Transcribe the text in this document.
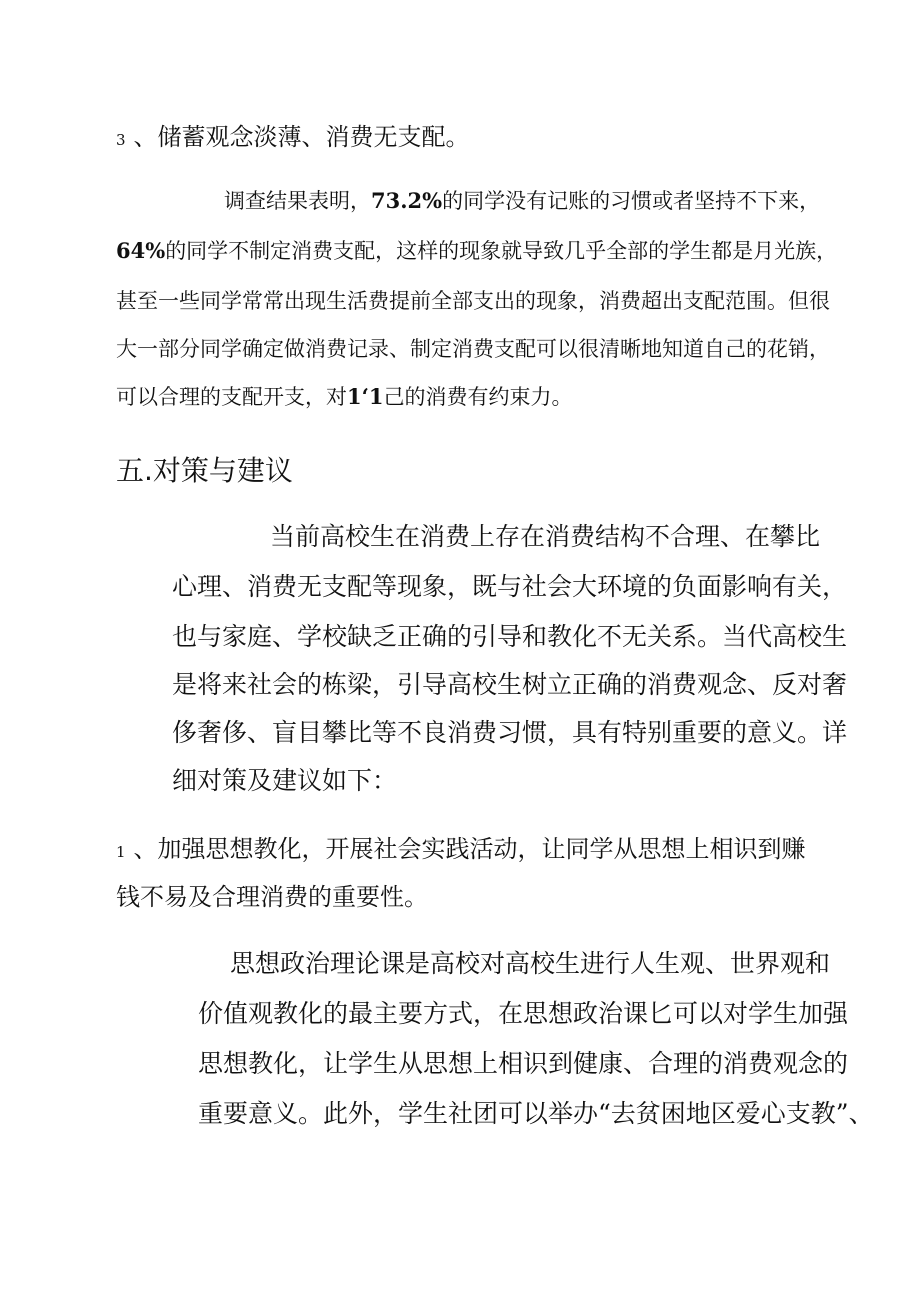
3 、储蓄观念淡薄、消费无支配。

调查结果表明，73.2%的同学没有记账的习惯或者坚持不下来，

64%的同学不制定消费支配，这样的现象就导致几乎全部的学生都是月光族，

甚至一些同学常常出现生活费提前全部支出的现象，消费超出支配范围。但很

大一部分同学确定做消费记录、制定消费支配可以很清晰地知道自己的花销，

可以合理的支配开支，对1‘1己的消费有约束力。

五.对策与建议

当前高校生在消费上存在消费结构不合理、在攀比

心理、消费无支配等现象，既与社会大环境的负面影响有关，

也与家庭、学校缺乏正确的引导和教化不无关系。当代高校生

是将来社会的栋梁，引导高校生树立正确的消费观念、反对奢

侈奢侈、盲目攀比等不良消费习惯，具有特别重要的意义。详

细对策及建议如下：

1 、加强思想教化，开展社会实践活动，让同学从思想上相识到赚

钱不易及合理消费的重要性。

思想政治理论课是高校对高校生进行人生观、世界观和

价值观教化的最主要方式，在思想政治课匕可以对学生加强

思想教化，让学生从思想上相识到健康、合理的消费观念的

重要意义。此外，学生社团可以举办“去贫困地区爱心支教”、
